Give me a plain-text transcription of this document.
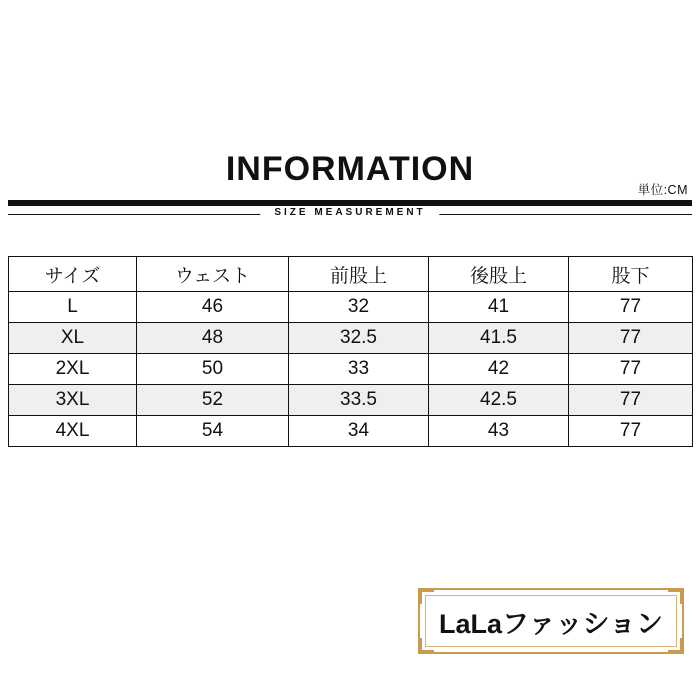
INFORMATION
単位:CM
SIZE MEASUREMENT
サイズ	ウェスト	前股上	後股上	股下
L	46	32	41	77
XL	48	32.5	41.5	77
2XL	50	33	42	77
3XL	52	33.5	42.5	77
4XL	54	34	43	77
LaLaファッション
